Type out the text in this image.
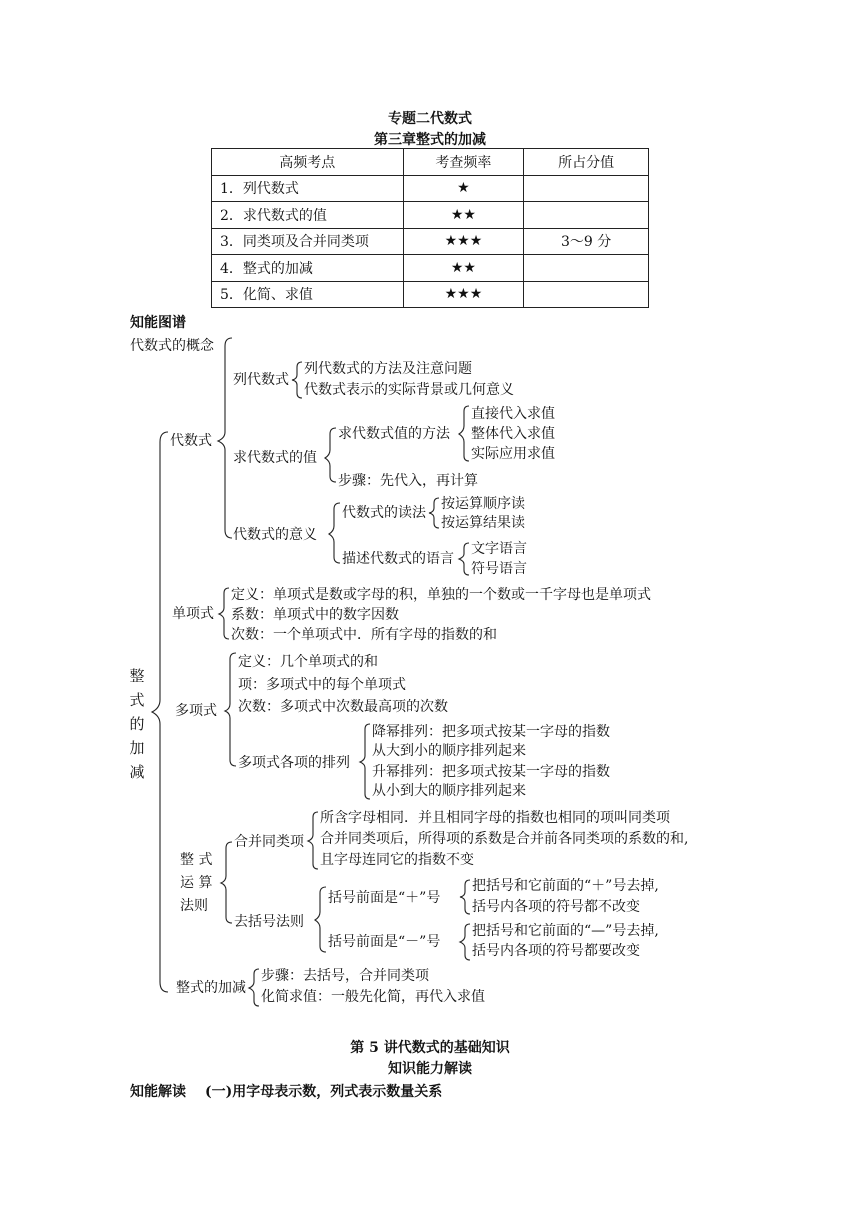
专题二代数式
第三章整式的加减
高频考点	考查频率	所占分值
1．列代数式	★	
2．求代数式的值	★★	
3．同类项及合并同类项	★★★	3～9 分
4．整式的加减	★★	
5．化简、求值	★★★	
知能图谱
代数式的概念
整
式
的
加
减
代数式
列代数式
列代数式的方法及注意问题
代数式表示的实际背景或几何意义
求代数式的值
求代数式值的方法
直接代入求值
整体代入求值
实际应用求值
步骤：先代入，再计算
代数式的意义
代数式的读法
按运算顺序读
按运算结果读
描述代数式的语言
文字语言
符号语言
单项式
定义：单项式是数或字母的积，单独的一个数或一千字母也是单项式
系数：单项式中的数字因数
次数：一个单项式中．所有字母的指数的和
多项式
定义：几个单项式的和
项：多项式中的每个单项式
次数：多项式中次数最高项的次数
多项式各项的排列
降幂排列：把多项式按某一字母的指数
从大到小的顺序排列起来
升幂排列：把多项式按某一字母的指数
从小到大的顺序排列起来
整 式
运 算
法则
合并同类项
所含字母相同．并且相同字母的指数也相同的项叫同类项
合并同类项后，所得项的系数是合并前各同类项的系数的和,
且字母连同它的指数不变
去括号法则
括号前面是“＋”号
把括号和它前面的“＋”号去掉,
括号内各项的符号都不改变
括号前面是“－”号
把括号和它前面的“—”号去掉,
括号内各项的符号都要改变
整式的加减
步骤：去括号，合并同类项
化简求值：一般先化简，再代入求值
第 5 讲代数式的基础知识
知识能力解读
知能解读 (一)用字母表示数，列式表示数量关系
